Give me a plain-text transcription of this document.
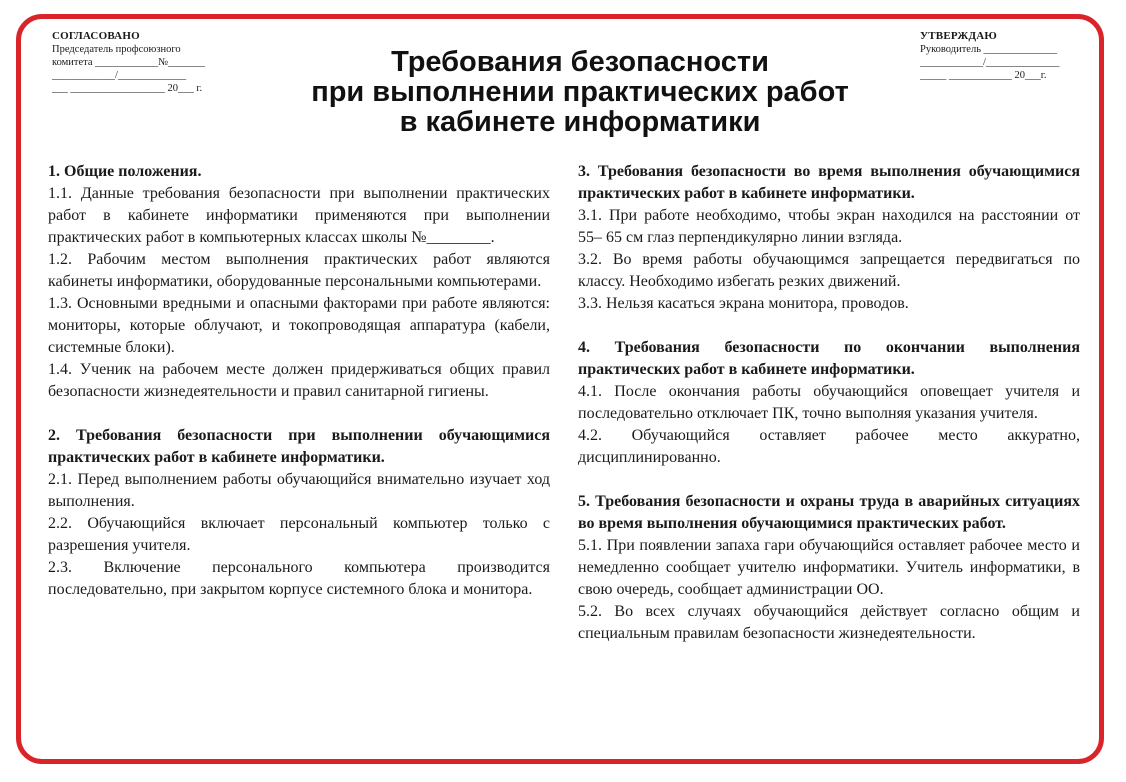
СОГЛАСОВАНО
Председатель профсоюзного
комитета ____________№_______
____________/_____________
___ __________________ 20___ г.
УТВЕРЖДАЮ
Руководитель ______________
____________/______________
_____ ____________ 20___г.
Требования безопасности
при выполнении практических работ
в кабинете информатики
1. Общие положения.
1.1. Данные требования безопасности при выполнении практических работ в кабинете информатики применяются при выполнении практических работ в компьютерных классах школы №________.
1.2. Рабочим местом выполнения практических работ являются кабинеты информатики, оборудованные персональными компьютерами.
1.3. Основными вредными и опасными факторами при работе являются: мониторы, которые облучают, и токопроводящая аппаратура (кабели, системные блоки).
1.4. Ученик на рабочем месте должен придерживаться общих правил безопасности жизнедеятельности и правил санитарной гигиены.
2. Требования безопасности при выполнении обучающимися практических работ в кабинете информатики.
2.1. Перед выполнением работы обучающийся внимательно изучает ход выполнения.
2.2. Обучающийся включает персональный компьютер только с разрешения учителя.
2.3. Включение персонального компьютера производится последовательно, при закрытом корпусе системного блока и монитора.
3. Требования безопасности во время выполнения обучающимися практических работ в кабинете информатики.
3.1. При работе необходимо, чтобы экран находился на расстоянии от 55– 65 см глаз перпендикулярно линии взгляда.
3.2. Во время работы обучающимся запрещается передвигаться по классу. Необходимо избегать резких движений.
3.3. Нельзя касаться экрана монитора, проводов.
4. Требования безопасности по окончании выполнения практических работ в кабинете информатики.
4.1. После окончания работы обучающийся оповещает учителя и последовательно отключает ПК, точно выполняя указания учителя.
4.2. Обучающийся оставляет рабочее место аккуратно, дисциплинированно.
5. Требования безопасности и охраны труда в аварийных ситуациях во время выполнения обучающимися практических работ.
5.1. При появлении запаха гари обучающийся оставляет рабочее место и немедленно сообщает учителю информатики. Учитель информатики, в свою очередь, сообщает администрации ОО.
5.2. Во всех случаях обучающийся действует согласно общим и специальным правилам безопасности жизнедеятельности.
